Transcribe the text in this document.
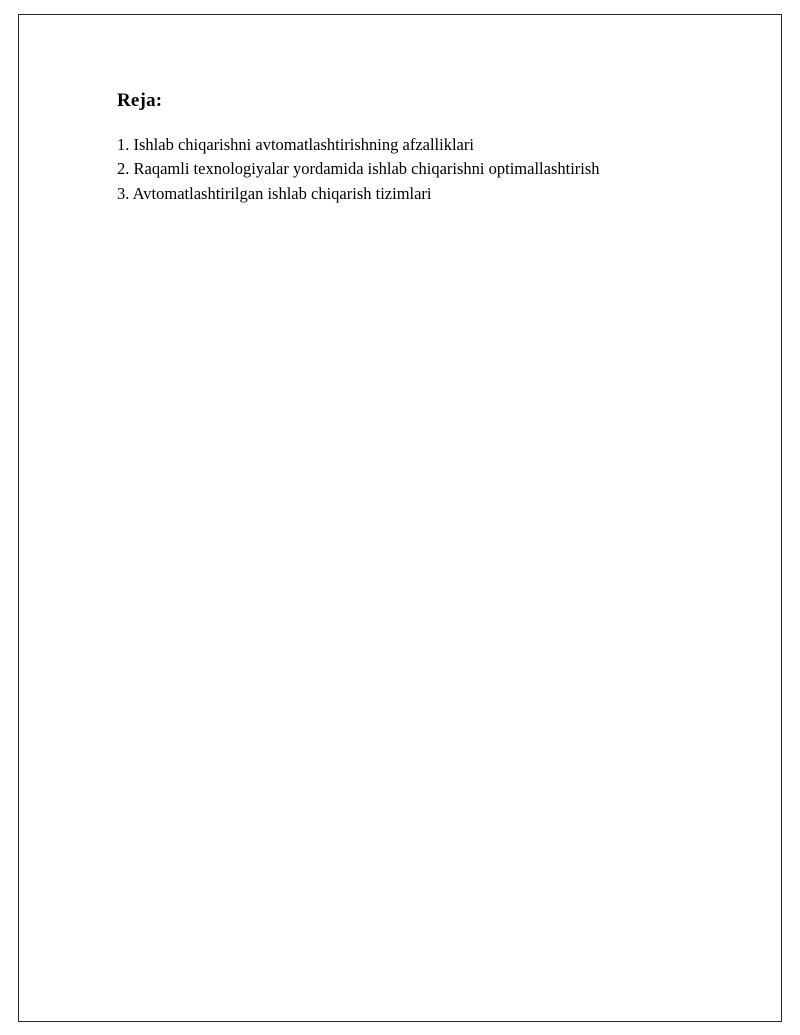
Reja:
1. Ishlab chiqarishni avtomatlashtirishning afzalliklari
2. Raqamli texnologiyalar yordamida ishlab chiqarishni optimallashtirish
3. Avtomatlashtirilgan ishlab chiqarish tizimlari
